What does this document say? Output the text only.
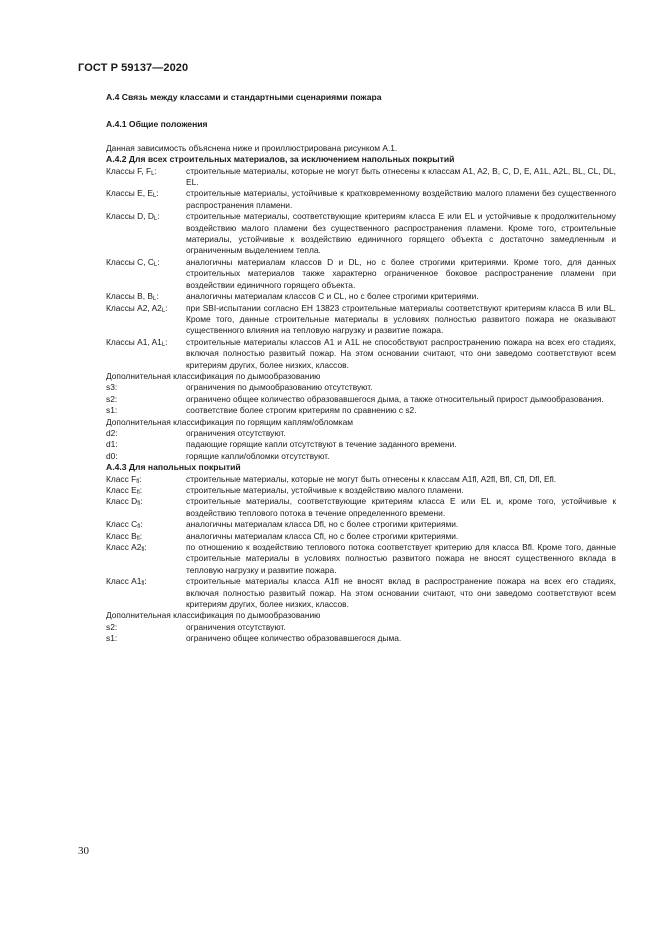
ГОСТ Р 59137—2020
А.4 Связь между классами и стандартными сценариями пожара
А.4.1 Общие положения
Данная зависимость объяснена ниже и проиллюстрирована рисунком А.1.
А.4.2 Для всех строительных материалов, за исключением напольных покрытий
Классы F, $F_L$:	строительные материалы, которые не могут быть отнесены к классам A1, A2, B, C, D, E, A1L, A2L, BL, CL, DL, EL.
Классы E, $E_L$:	строительные материалы, устойчивые к кратковременному воздействию малого пламени без существенного распространения пламени.
Классы D, $D_L$:	строительные материалы, соответствующие критериям класса Е или EL и устойчивые к продолжительному воздействию малого пламени без существенного распространения пламени. Кроме того, строительные материалы, устойчивые к воздействию единичного горящего объекта с достаточно замедленным и ограниченным выделением тепла.
Классы C, $C_L$:	аналогичны материалам классов D и DL, но с более строгими критериями. Кроме того, для данных строительных материалов также характерно ограниченное боковое распространение пламени при воздействии единичного горящего объекта.
Классы B, $B_L$:	аналогичны материалам классов C и CL, но с более строгими критериями.
Классы A2, $A2_L$:	при SBI-испытании согласно ЕН 13823 строительные материалы соответствуют критериям класса B или BL. Кроме того, данные строительные материалы в условиях полностью развитого пожара не оказывают существенного влияния на тепловую нагрузку и развитие пожара.
Классы A1, $A1_L$:	строительные материалы классов A1 и A1L не способствуют распространению пожара на всех его стадиях, включая полностью развитый пожар. На этом основании считают, что они заведомо соответствуют всем критериям других, более низких, классов.
Дополнительная классификация по дымообразованию
s3:	ограничения по дымообразованию отсутствуют.
s2:	ограничено общее количество образовавшегося дыма, а также относительный прирост дымообразования.
s1:	соответствие более строгим критериям по сравнению с s2.
Дополнительная классификация по горящим каплям/обломкам
d2:	ограничения отсутствуют.
d1:	падающие горящие капли отсутствуют в течение заданного времени.
d0:	горящие капли/обломки отсутствуют.
А.4.3 Для напольных покрытий
Класс $F_{fl}$:	строительные материалы, которые не могут быть отнесены к классам A1fl, A2fl, Bfl, Cfl, Dfl, Efl.
Класс $E_{fl}$:	строительные материалы, устойчивые к воздействию малого пламени.
Класс $D_{fl}$:	строительные материалы, соответствующие критериям класса Е или EL и, кроме того, устойчивые к воздействию теплового потока в течение определенного времени.
Класс $C_{fl}$:	аналогичны материалам класса Dfl, но с более строгими критериями.
Класс $B_{fl}$:	аналогичны материалам класса Cfl, но с более строгими критериями.
Класс $A2_{fl}$:	по отношению к воздействию теплового потока соответствует критерию для класса Bfl. Кроме того, данные строительные материалы в условиях полностью развитого пожара не вносят существенного вклада в тепловую нагрузку и развитие пожара.
Класс $A1_{fl}$:	строительные материалы класса A1fl не вносят вклад в распространение пожара на всех его стадиях, включая полностью развитый пожар. На этом основании считают, что они заведомо соответствуют всем критериям других, более низких, классов.
Дополнительная классификация по дымообразованию
s2:	ограничения отсутствуют.
s1:	ограничено общее количество образовавшегося дыма.
30
